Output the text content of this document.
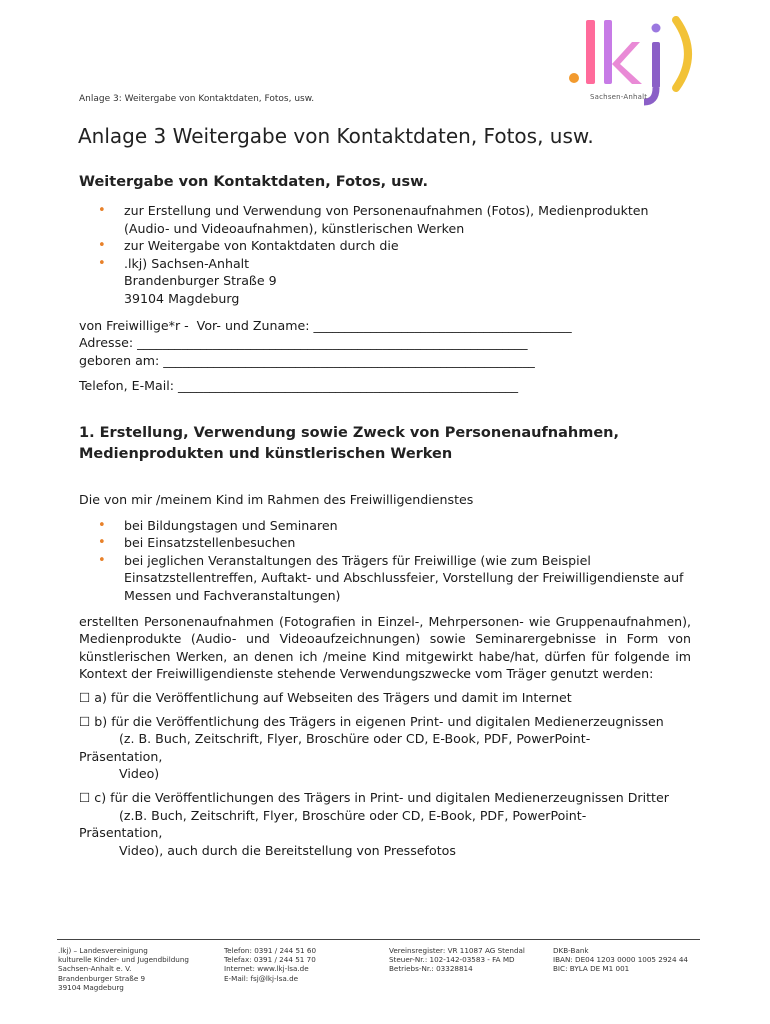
Sachsen-Anhalt
Anlage 3: Weitergabe von Kontaktdaten, Fotos, usw.
Anlage 3 Weitergabe von Kontaktdaten, Fotos, usw.
Weitergabe von Kontaktdaten, Fotos, usw.
• zur Erstellung und Verwendung von Personenaufnahmen (Fotos), Medienprodukten (Audio- und Videoaufnahmen), künstlerischen Werken
• zur Weitergabe von Kontaktdaten durch die
• .lkj) Sachsen-Anhalt
Brandenburger Straße 9
39104 Magdeburg
von Freiwillige*r -  Vor- und Zuname: _________________________________________
Adresse: ______________________________________________________________
geboren am: ___________________________________________________________
Telefon, E-Mail: ______________________________________________________
1. Erstellung, Verwendung sowie Zweck von Personenaufnahmen, Medienprodukten und künstlerischen Werken
Die von mir /meinem Kind im Rahmen des Freiwilligendienstes
• bei Bildungstagen und Seminaren
• bei Einsatzstellenbesuchen
• bei jeglichen Veranstaltungen des Trägers für Freiwillige (wie zum Beispiel Einsatzstellentreffen, Auftakt- und Abschlussfeier, Vorstellung der Freiwilligendienste auf Messen und Fachveranstaltungen)
erstellten Personenaufnahmen (Fotografien in Einzel-, Mehrpersonen- wie Gruppenaufnahmen), Medienprodukte (Audio- und Videoaufzeichnungen) sowie Seminarergebnisse in Form von künstlerischen Werken, an denen ich /meine Kind mitgewirkt habe/hat, dürfen für folgende im Kontext der Freiwilligendienste stehende Verwendungszwecke vom Träger genutzt werden:
☐ a) für die Veröffentlichung auf Webseiten des Trägers und damit im Internet
☐ b) für die Veröffentlichung des Trägers in eigenen Print- und digitalen Medienerzeugnissen
(z. B. Buch, Zeitschrift, Flyer, Broschüre oder CD, E-Book, PDF, PowerPoint-
Präsentation,
Video)
☐ c) für die Veröffentlichungen des Trägers in Print- und digitalen Medienerzeugnissen Dritter
(z.B. Buch, Zeitschrift, Flyer, Broschüre oder CD, E-Book, PDF, PowerPoint-
Präsentation,
Video), auch durch die Bereitstellung von Pressefotos
.lkj) – Landesvereinigung
kulturelle Kinder- und Jugendbildung
Sachsen-Anhalt e. V.
Brandenburger Straße 9
39104 Magdeburg
Telefon: 0391 / 244 51 60
Telefax: 0391 / 244 51 70
Internet: www.lkj-lsa.de
E-Mail: fsj@lkj-lsa.de
Vereinsregister: VR 11087 AG Stendal
Steuer-Nr.: 102-142-03583 - FA MD
Betriebs-Nr.: 03328814
DKB-Bank
IBAN: DE04 1203 0000 1005 2924 44
BIC: BYLA DE M1 001
